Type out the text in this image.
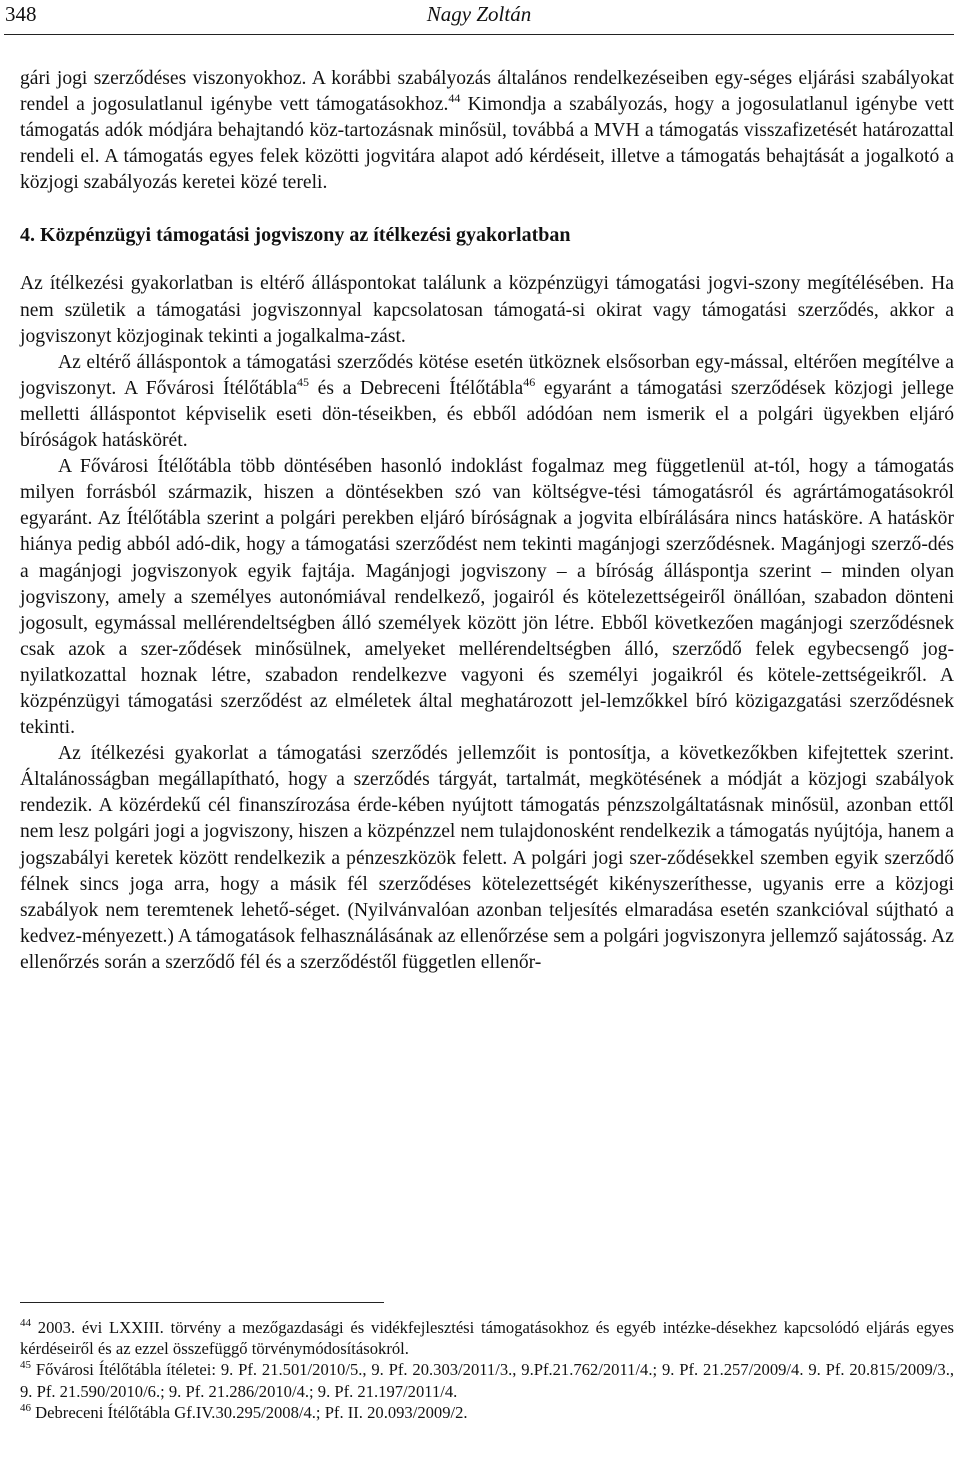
348	Nagy Zoltán

gári jogi szerződéses viszonyokhoz. A korábbi szabályozás általános rendelkezéseiben egy-séges eljárási szabályokat rendel a jogosulatlanul igénybe vett támogatásokhoz.$^{44}$ Kimondja a szabályozás, hogy a jogosulatlanul igénybe vett támogatás adók módjára behajtandó köz-tartozásnak minősül, továbbá a MVH a támogatás visszafizetését határozattal rendeli el. A támogatás egyes felek közötti jogvitára alapot adó kérdéseit, illetve a támogatás behajtását a jogalkotó a közjogi szabályozás keretei közé tereli.

4. Közpénzügyi támogatási jogviszony az ítélkezési gyakorlatban

Az ítélkezési gyakorlatban is eltérő álláspontokat találunk a közpénzügyi támogatási jogvi-szony megítélésében. Ha nem születik a támogatási jogviszonnyal kapcsolatosan támogatá-si okirat vagy támogatási szerződés, akkor a jogviszonyt közjoginak tekinti a jogalkalma-zást.

Az eltérő álláspontok a támogatási szerződés kötése esetén ütköznek elsősorban egy-mással, eltérően megítélve a jogviszonyt. A Fővárosi Ítélőtábla$^{45}$ és a Debreceni Ítélőtábla$^{46}$ egyaránt a támogatási szerződések közjogi jellege melletti álláspontot képviselik eseti dön-téseikben, és ebből adódóan nem ismerik el a polgári ügyekben eljáró bíróságok hatáskörét.

A Fővárosi Ítélőtábla több döntésében hasonló indoklást fogalmaz meg függetlenül at-tól, hogy a támogatás milyen forrásból származik, hiszen a döntésekben szó van költségve-tési támogatásról és agrártámogatásokról egyaránt. Az Ítélőtábla szerint a polgári perekben eljáró bíróságnak a jogvita elbírálására nincs hatásköre. A hatáskör hiánya pedig abból adó-dik, hogy a támogatási szerződést nem tekinti magánjogi szerződésnek. Magánjogi szerző-dés a magánjogi jogviszonyok egyik fajtája. Magánjogi jogviszony – a bíróság álláspontja szerint – minden olyan jogviszony, amely a személyes autonómiával rendelkező, jogairól és kötelezettségeiről önállóan, szabadon dönteni jogosult, egymással mellérendeltségben álló személyek között jön létre. Ebből következően magánjogi szerződésnek csak azok a szer-ződések minősülnek, amelyeket mellérendeltségben álló, szerződő felek egybecsengő jog-nyilatkozattal hoznak létre, szabadon rendelkezve vagyoni és személyi jogaikról és kötele-zettségeikről. A közpénzügyi támogatási szerződést az elméletek által meghatározott jel-lemzőkkel bíró közigazgatási szerződésnek tekinti.

Az ítélkezési gyakorlat a támogatási szerződés jellemzőit is pontosítja, a következőkben kifejtettek szerint. Általánosságban megállapítható, hogy a szerződés tárgyát, tartalmát, megkötésének a módját a közjogi szabályok rendezik. A közérdekű cél finanszírozása érde-kében nyújtott támogatás pénzszolgáltatásnak minősül, azonban ettől nem lesz polgári jogi a jogviszony, hiszen a közpénzzel nem tulajdonosként rendelkezik a támogatás nyújtója, hanem a jogszabályi keretek között rendelkezik a pénzeszközök felett. A polgári jogi szer-ződésekkel szemben egyik szerződő félnek sincs joga arra, hogy a másik fél szerződéses kötelezettségét kikényszeríthesse, ugyanis erre a közjogi szabályok nem teremtenek lehető-séget. (Nyilvánvalóan azonban teljesítés elmaradása esetén szankcióval sújtható a kedvez-ményezett.) A támogatások felhasználásának az ellenőrzése sem a polgári jogviszonyra jellemző sajátosság. Az ellenőrzés során a szerződő fél és a szerződéstől független ellenőr-

$^{44}$ 2003. évi LXXIII. törvény a mezőgazdasági és vidékfejlesztési támogatásokhoz és egyéb intézke-désekhez kapcsolódó eljárás egyes kérdéseiről és az ezzel összefüggő törvénymódosításokról.

$^{45}$ Fővárosi Ítélőtábla ítéletei: 9. Pf. 21.501/2010/5., 9. Pf. 20.303/2011/3., 9.Pf.21.762/2011/4.; 9. Pf. 21.257/2009/4. 9. Pf. 20.815/2009/3., 9. Pf. 21.590/2010/6.; 9. Pf. 21.286/2010/4.; 9. Pf. 21.197/2011/4.

$^{46}$ Debreceni Ítélőtábla Gf.IV.30.295/2008/4.; Pf. II. 20.093/2009/2.
